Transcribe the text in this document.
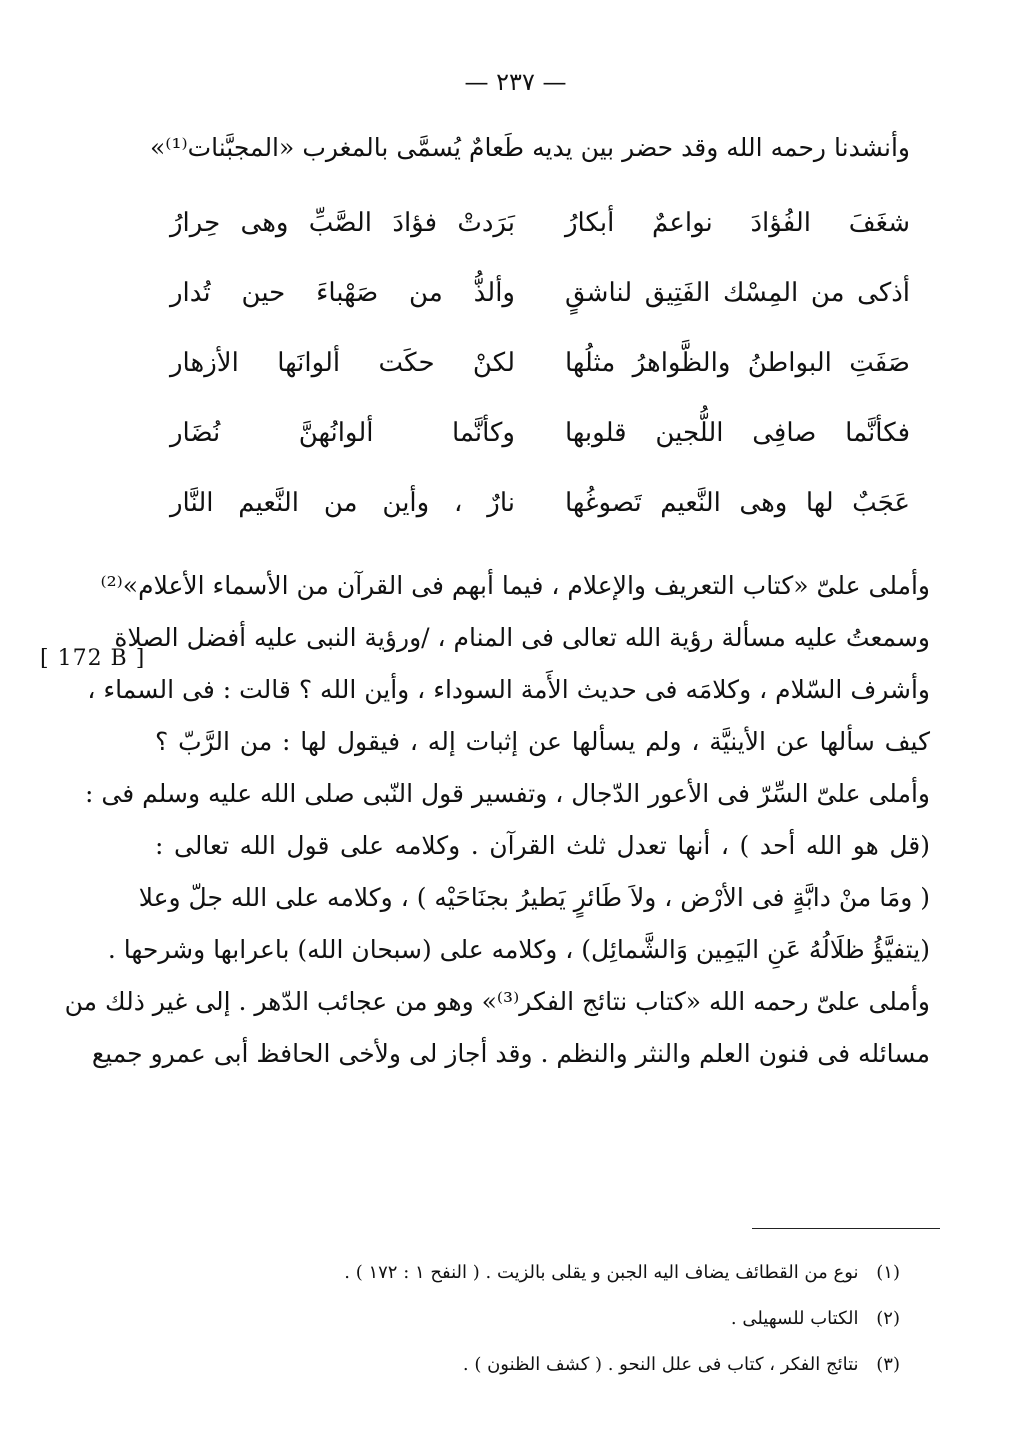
— ٢٣٧ —
وأنشدنا رحمه الله وقد حضر بين يديه طَعامٌ يُسمَّى بالمغرب «المجبَّنات⁽¹⁾»
شغَفَ الفُؤادَ نواعمٌ أبكارُ
بَرَدتْ فؤادَ الصَّبِّ وهى حِرارُ
أذكى من المِسْك الفَتِيق لناشقٍ
وألذُّ من صَهْباءَ حين تُدار
صَفَتِ البواطنُ والظَّواهرُ مثلُها
لكنْ حكَت ألوانَها الأزهار
فكأنَّما صافِى اللُّجين قلوبها
وكأنَّما ألوانُهنَّ نُضَار
عَجَبٌ لها وهى النَّعيم تَصوغُها
نارٌ ، وأين من النَّعيم النَّار
وأملى علىّ «كتاب التعريف والإعلام ، فيما أبهم فى القرآن من الأسماء الأعلام»⁽²⁾
وسمعتُ عليه مسألة رؤية الله تعالى فى المنام ، /ورؤية النبى عليه أفضل الصلاة
وأشرف السّلام ، وكلامَه فى حديث الأَمة السوداء ، وأين الله ؟ قالت : فى السماء ،
كيف سألها عن الأينيَّة ، ولم يسألها عن إثبات إله ، فيقول لها : من الرَّبّ ؟
وأملى علىّ السِّرّ فى الأعور الدّجال ، وتفسير قول النّبى صلى الله عليه وسلم فى :
(قل هو الله أحد ) ، أنها تعدل ثلث القرآن . وكلامه على قول الله تعالى :
( ومَا منْ دابَّةٍ فى الأرْض ، ولاَ طَائرٍ يَطيرُ بجنَاحَيْه ) ، وكلامه على الله جلّ وعلا
(يتفيَّؤُ ظلَالُهُ عَنِ اليَمِين وَالشَّمائِل) ، وكلامه على (سبحان الله) باعرابها وشرحها .
وأملى علىّ رحمه الله «كتاب نتائج الفكر⁽³⁾» وهو من عجائب الدّهر . إلى غير ذلك من
مسائله فى فنون العلم والنثر والنظم . وقد أجاز لى ولأخى الحافظ أبى عمرو جميع
[ 172 B ]
(١) نوع من القطائف يضاف اليه الجبن و يقلى بالزيت . ( النفح ١ : ١٧٢ ) .
(٢) الكتاب للسهيلى .
(٣) نتائج الفكر ، كتاب فى علل النحو . ( كشف الظنون ) .
